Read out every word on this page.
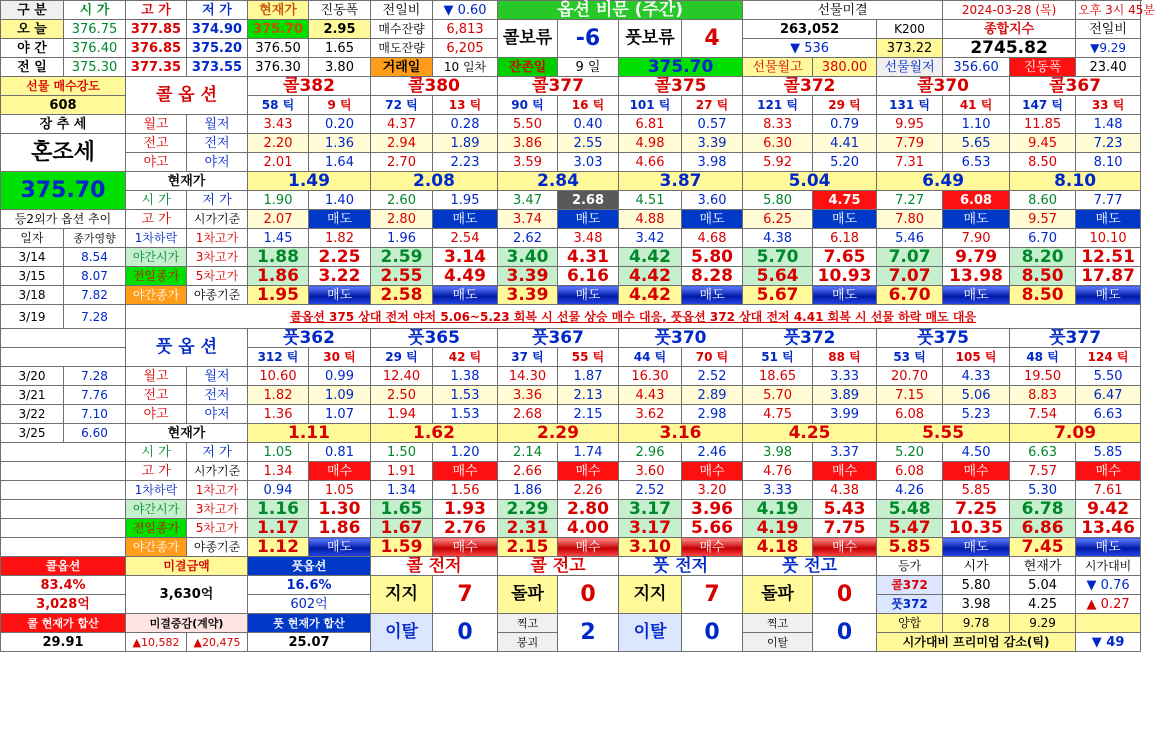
구 분	시 가	고 가	저 가	현재가	진동폭	전일비	▼ 0.60	옵션 비문 (주간)				선물미결			2024-03-28 (목)		오후 3시 45분
오 늘	376.75	377.85	374.90	375.70	2.95	매수잔량	6,813	콜보류	-6	풋보류	4	263,052		K200	종합지수		전일비
야 간	376.40	376.85	375.20	376.50	1.65	매도잔량	6,205					▼ 536		373.22	2745.82		▼9.29
전 일	375.30	377.35	373.55	376.30	3.80	거래일	10 일차	잔존일	9 일	375.70		선물월고	380.00	선물월저	356.60	진동폭	23.40
선물 매수강도		콜 옵 션		콜382		콜380		콜377		콜375		콜372		콜370		콜367	
608				58 틱	9 틱	72 틱	13 틱	90 틱	16 틱	101 틱	27 틱	121 틱	29 틱	131 틱	41 틱	147 틱	33 틱
장 추 세		월고	월저	3.43	0.20	4.37	0.28	5.50	0.40	6.81	0.57	8.33	0.79	9.95	1.10	11.85	1.48
혼조세		전고	전저	2.20	1.36	2.94	1.89	3.86	2.55	4.98	3.39	6.30	4.41	7.79	5.65	9.45	7.23
		야고	야저	2.01	1.64	2.70	2.23	3.59	3.03	4.66	3.98	5.92	5.20	7.31	6.53	8.50	8.10
375.70		현재가		1.49		2.08		2.84		3.87		5.04		6.49		8.10	
		시 가	저 가	1.90	1.40	2.60	1.95	3.47	2.68	4.51	3.60	5.80	4.75	7.27	6.08	8.60	7.77
등2외가 옵션 추이		고 가	시가기준	2.07	매도	2.80	매도	3.74	매도	4.88	매도	6.25	매도	7.80	매도	9.57	매도
일자	종가영향	1차하락	1차고가	1.45	1.82	1.96	2.54	2.62	3.48	3.42	4.68	4.38	6.18	5.46	7.90	6.70	10.10
3/14	8.54	야간시가	3차고가	1.88	2.25	2.59	3.14	3.40	4.31	4.42	5.80	5.70	7.65	7.07	9.79	8.20	12.51
3/15	8.07	전일종가	5차고가	1.86	3.22	2.55	4.49	3.39	6.16	4.42	8.28	5.64	10.93	7.07	13.98	8.50	17.87
3/18	7.82	야간종가	야종기준	1.95	매도	2.58	매도	3.39	매도	4.42	매도	5.67	매도	6.70	매도	8.50	매도
3/19	7.28	콜옵션 375 상대 전저 야저 5.06~5.23 회복 시 선물 상승 매수 대응, 풋옵션 372 상대 전저 4.41 회복 시 선물 하락 매도 대응															
		풋 옵 션		풋362		풋365		풋367		풋370		풋372		풋375		풋377	
				312 틱	30 틱	29 틱	42 틱	37 틱	55 틱	44 틱	70 틱	51 틱	88 틱	53 틱	105 틱	48 틱	124 틱
3/20	7.28	월고	월저	10.60	0.99	12.40	1.38	14.30	1.87	16.30	2.52	18.65	3.33	20.70	4.33	19.50	5.50
3/21	7.76	전고	전저	1.82	1.09	2.50	1.53	3.36	2.13	4.43	2.89	5.70	3.89	7.15	5.06	8.83	6.47
3/22	7.10	야고	야저	1.36	1.07	1.94	1.53	2.68	2.15	3.62	2.98	4.75	3.99	6.08	5.23	7.54	6.63
3/25	6.60	현재가		1.11		1.62		2.29		3.16		4.25		5.55		7.09	
		시 가	저 가	1.05	0.81	1.50	1.20	2.14	1.74	2.96	2.46	3.98	3.37	5.20	4.50	6.63	5.85
		고 가	시가기준	1.34	매수	1.91	매수	2.66	매수	3.60	매수	4.76	매수	6.08	매수	7.57	매수
		1차하락	1차고가	0.94	1.05	1.34	1.56	1.86	2.26	2.52	3.20	3.33	4.38	4.26	5.85	5.30	7.61
		야간시가	3차고가	1.16	1.30	1.65	1.93	2.29	2.80	3.17	3.96	4.19	5.43	5.48	7.25	6.78	9.42
		전일종가	5차고가	1.17	1.86	1.67	2.76	2.31	4.00	3.17	5.66	4.19	7.75	5.47	10.35	6.86	13.46
		야간종가	야종기준	1.12	매도	1.59	매수	2.15	매수	3.10	매수	4.18	매수	5.85	매도	7.45	매도
콜옵션		미결금액		풋옵션		콜 전저		콜 전고		풋 전저		풋 전고		등가	시가	현재가	시가대비
83.4%		3,630억		16.6%		지지	7	돌파	0	지지	7	돌파	0	콜372	5.80	5.04	▼ 0.76
3,028억				602억										풋372	3.98	4.25	▲ 0.27
콜 현재가 합산		미결증감(계약)		풋 현재가 합산		이탈	0	찍고	2	이탈	0	찍고	0	양합	9.78	9.29	
29.91		▲10,582	▲20,475	25.07				붕괴				이탈		시가대비 프리미엄 감소(틱)			▼ 49
